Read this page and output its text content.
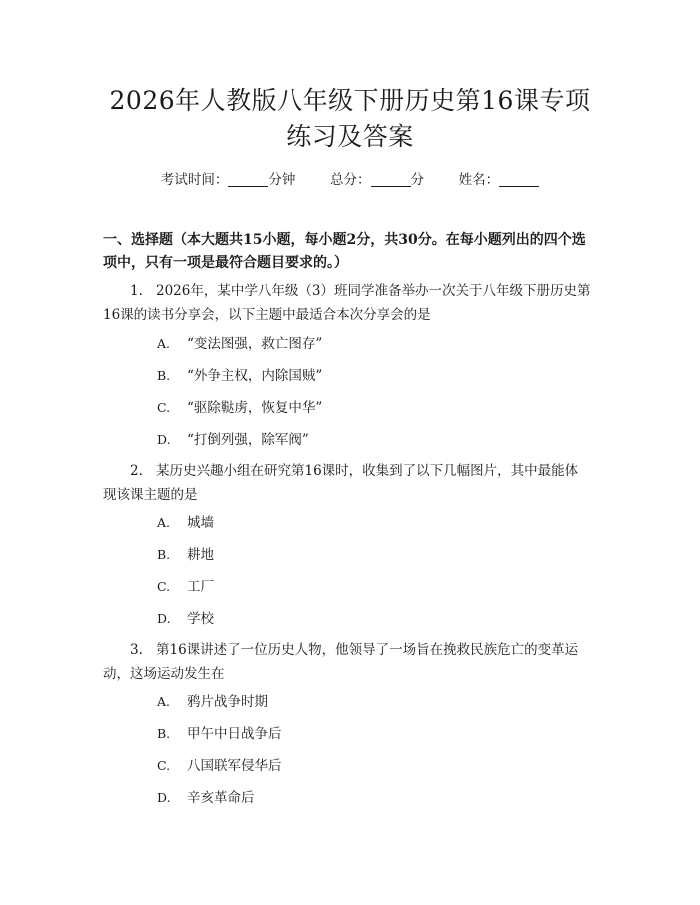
2026年人教版八年级下册历史第16课专项
练习及答案
考试时间：	分钟	总分：	分	姓名：
一、选择题（本大题共15小题，每小题2分，共30分。在每小题列出的四个选
项中，只有一项是最符合题目要求的。）
1. 2026年，某中学八年级（3）班同学准备举办一次关于八年级下册历史第
16课的读书分享会，以下主题中最适合本次分享会的是
A. “变法图强，救亡图存”
B. “外争主权，内除国贼”
C. “驱除鞑虏，恢复中华”
D. “打倒列强，除军阀”
2. 某历史兴趣小组在研究第16课时，收集到了以下几幅图片，其中最能体
现该课主题的是
A. 城墙
B. 耕地
C. 工厂
D. 学校
3. 第16课讲述了一位历史人物，他领导了一场旨在挽救民族危亡的变革运
动，这场运动发生在
A. 鸦片战争时期
B. 甲午中日战争后
C. 八国联军侵华后
D. 辛亥革命后
